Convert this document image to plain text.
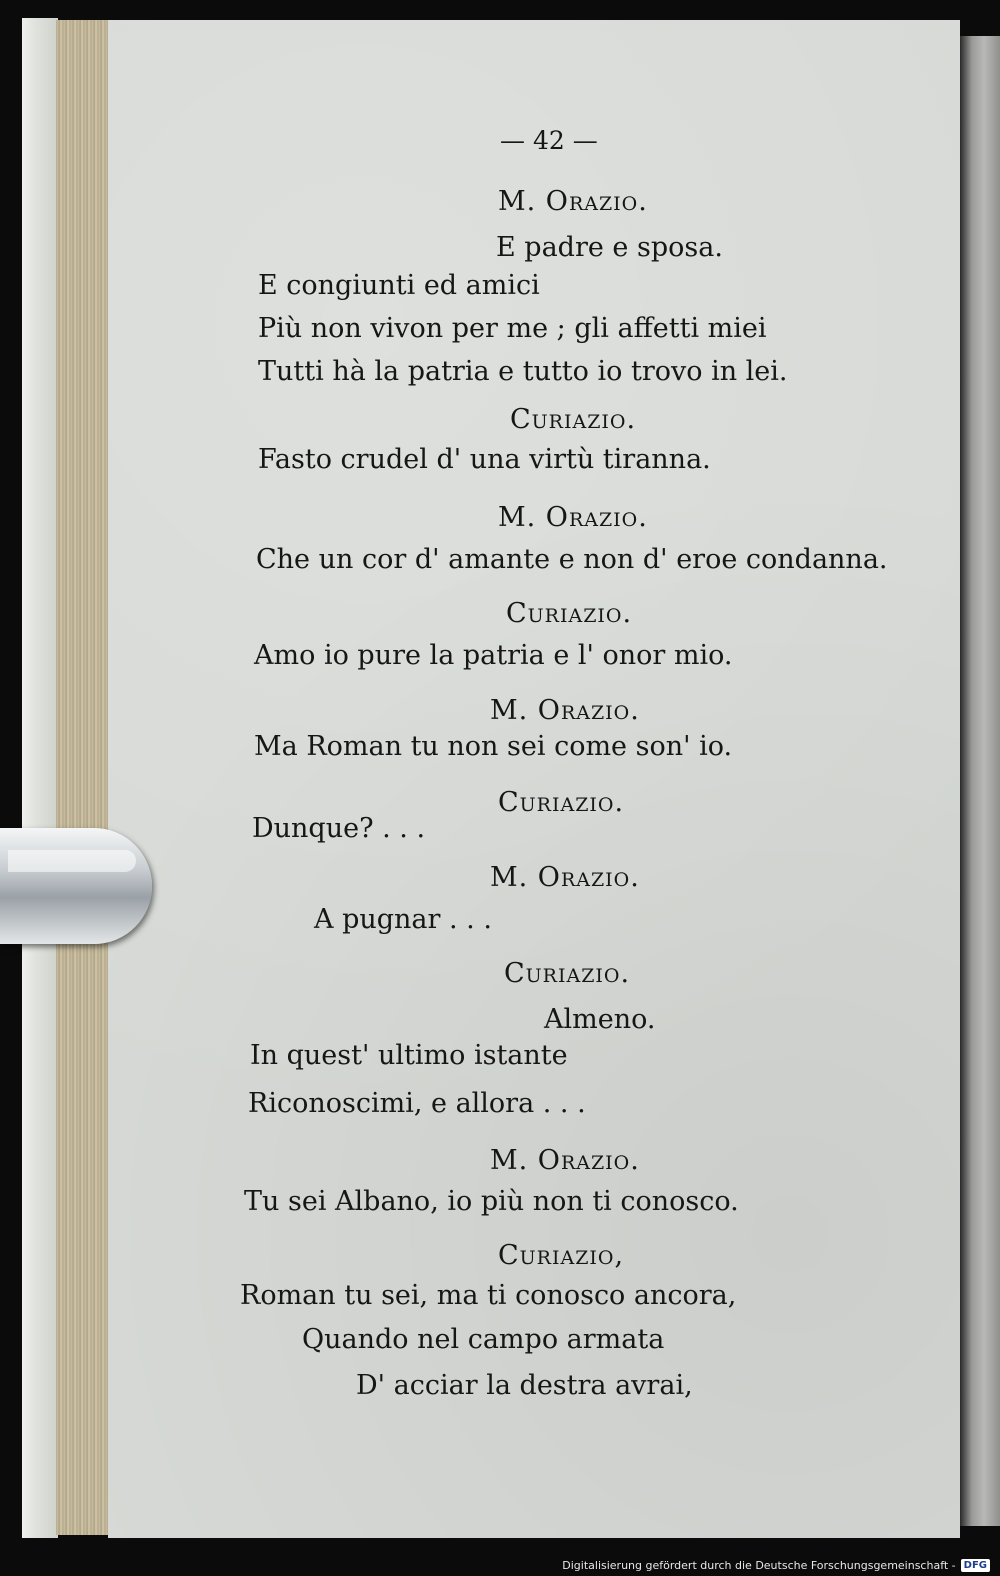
— 42 —
M. Orazio.
E padre e sposa.
E congiunti ed amici
Più non vivon per me ; gli affetti miei
Tutti hà la patria e tutto io trovo in lei.
Curiazio.
Fasto crudel d' una virtù tiranna.
M. Orazio.
Che un cor d' amante e non d' eroe condanna.
Curiazio.
Amo io pure la patria e l' onor mio.
M. Orazio.
Ma Roman tu non sei come son' io.
Curiazio.
Dunque? . . .
M. Orazio.
A pugnar . . .
Curiazio.
Almeno.
In quest' ultimo istante
Riconoscimi, e allora . . .
M. Orazio.
Tu sei Albano, io più non ti conosco.
Curiazio,
Roman tu sei, ma ti conosco ancora,
Quando nel campo armata
D' acciar la destra avrai,
Digitalisierung gefördert durch die Deutsche Forschungsgemeinschaft - DFG
